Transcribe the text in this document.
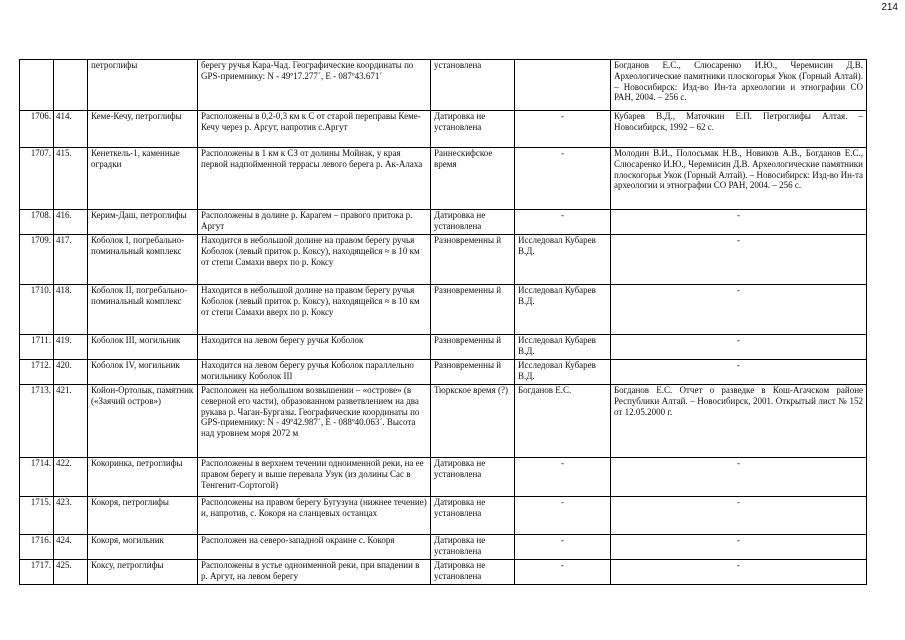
214
		петроглифы	берегу ручья Кара-Чад. Географические координаты по GPS-приемнику: N - 49º17.277´, E - 087º43.671´	установлена		Богданов Е.С., Слюсаренко И.Ю., Черемисин Д.В. Археологические памятники плоскогорья Укок (Горный Алтай). – Новосибирск: Изд-во Ин-та археологии и этнографии СО РАН, 2004. – 256 с.
1706.	414.	Кеме-Кечу, петроглифы	Расположены в 0,2-0,3 км к С от старой переправы Кеме-Кечу через р. Аргут, напротив с.Аргут	Датировка не установлена	-	Кубарев В.Д., Маточкин Е.П. Петроглифы Алтая. – Новосибирск, 1992 – 62 с.
1707.	415.	Кенеткель-1, каменные оградки	Расположены в 1 км к СЗ от долины Мойнак, у края первой надпойменной террасы левого берега р. Ак-Алаха	Раннескифское время	-	Молодин В.И., Полосьмак Н.В., Новиков А.В., Богданов Е.С., Слюсаренко И.Ю., Черемисин Д.В. Археологические памятники плоскогорья Укок (Горный Алтай). – Новосибирск: Изд-во Ин-та археологии и этнографии СО РАН, 2004. – 256 с.
1708.	416.	Керим-Даш, петроглифы	Расположены в долине р. Карагем – правого притока р. Аргут	Датировка не установлена	-	-
1709.	417.	Коболок I, погребально-поминальный комплекс	Находится в небольшой долине на правом берегу ручья Коболок (левый приток р. Коксу), находящейся ≈ в 10 км от степи Самахи вверх по р. Коксу	Разновременны й	Исследовал Кубарев В.Д.	-
1710.	418.	Коболок II, погребально-поминальный комплекс	Находится в небольшой долине на правом берегу ручья Коболок (левый приток р. Коксу), находящейся ≈ в 10 км от степи Самахи вверх по р. Коксу	Разновременны й	Исследовал Кубарев В.Д.	-
1711.	419.	Коболок III, могильник	Находится на левом берегу ручья Коболок	Разновременны й	Исследовал Кубарев В.Д.	-
1712.	420.	Коболок IV, могильник	Находится на левом берегу ручья Коболок параллельно могильнику Коболок III	Разновременны й	Исследовал Кубарев В.Д.	-
1713.	421.	Койон-Ортолык, памятник («Заячий остров»)	Расположен на небольшом возвышении – «острове» (в северной его части), образованном разветвлением на два рукава р. Чаган-Бургазы. Географические координаты по GPS-приемнику: N - 49º42.987´, E - 088º40.063´. Высота над уровнем моря 2072 м	Тюркское время (?)	Богданов Е.С.	Богданов Е.С. Отчет о разведке в Кош-Агачском районе Республики Алтай. – Новосибирск, 2001. Открытый лист № 152 от 12.05.2000 г.
1714.	422.	Кокоринка, петроглифы	Расположены в верхнем течении одноименной реки, на ее правом берегу и выше перевала Узук (из долины Сас в Тенгенит-Сортогой)	Датировка не установлена	-	-
1715.	423.	Кокоря, петроглифы	Расположены на правом берегу Бугузуна (нижнее течение) и, напротив, с. Кокоря на сланцевых останцах	Датировка не установлена	-	-
1716.	424.	Кокоря, могильник	Расположен на северо-западной окраине с. Кокоря	Датировка не установлена	-	-
1717.	425.	Коксу, петроглифы	Расположены в устье одноименной реки, при впадении в р. Аргут, на левом берегу	Датировка не установлена	-	-
